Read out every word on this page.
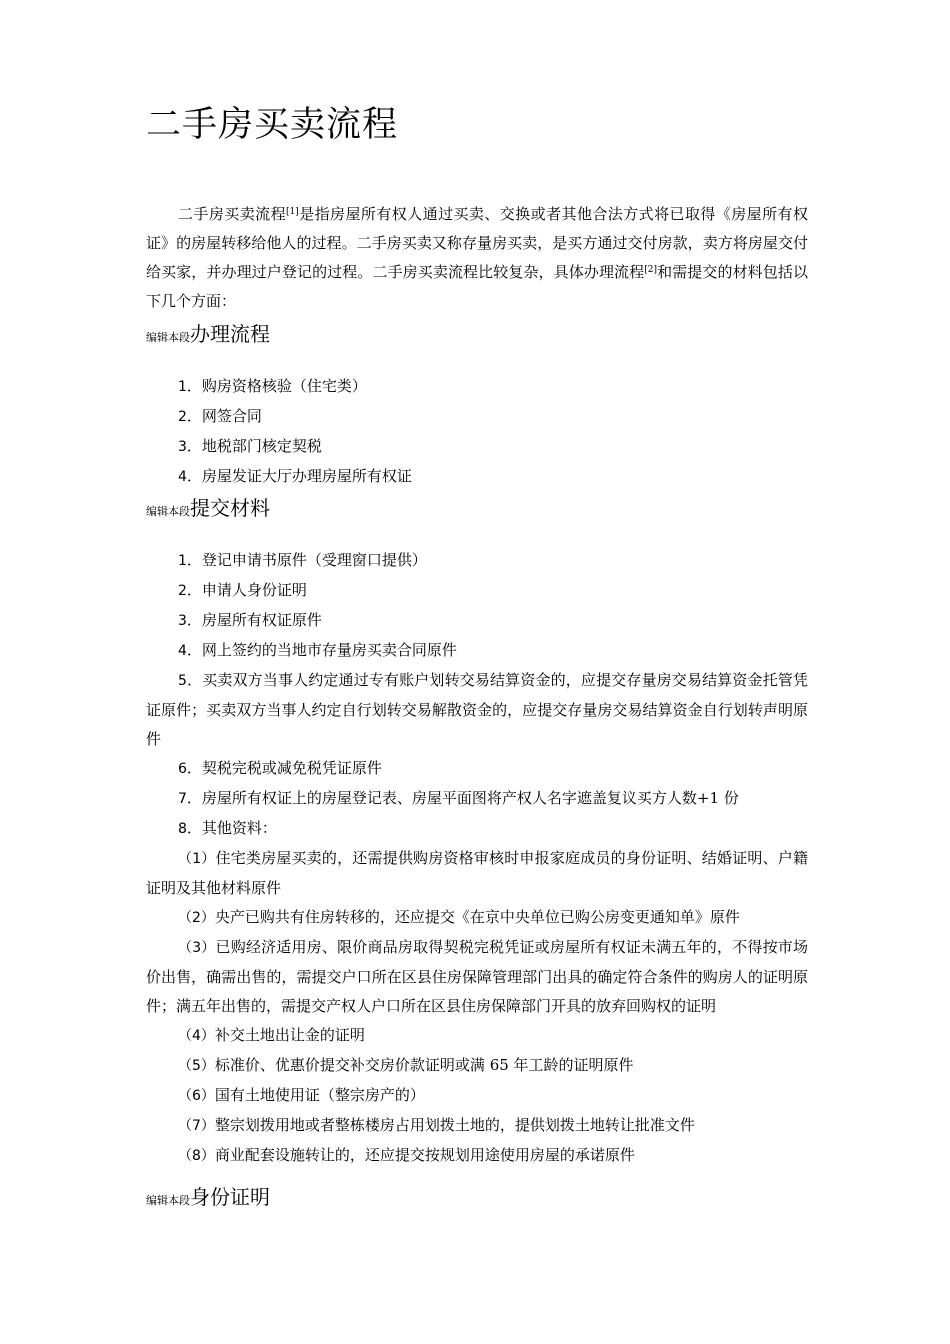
二手房买卖流程

二手房买卖流程[1]是指房屋所有权人通过买卖、交换或者其他合法方式将已取得《房屋所有权证》的房屋转移给他人的过程。二手房买卖又称存量房买卖，是买方通过交付房款，卖方将房屋交付给买家，并办理过户登记的过程。二手房买卖流程比较复杂，具体办理流程[2]和需提交的材料包括以下几个方面：

编辑本段办理流程
1．购房资格核验（住宅类）
2．网签合同
3．地税部门核定契税
4．房屋发证大厅办理房屋所有权证
编辑本段提交材料
1．登记申请书原件（受理窗口提供）
2．申请人身份证明
3．房屋所有权证原件
4．网上签约的当地市存量房买卖合同原件
5．买卖双方当事人约定通过专有账户划转交易结算资金的，应提交存量房交易结算资金托管凭证原件；买卖双方当事人约定自行划转交易解散资金的，应提交存量房交易结算资金自行划转声明原件
6．契税完税或减免税凭证原件
7．房屋所有权证上的房屋登记表、房屋平面图将产权人名字遮盖复议买方人数+1 份
8．其他资料：
（1）住宅类房屋买卖的，还需提供购房资格审核时申报家庭成员的身份证明、结婚证明、户籍证明及其他材料原件
（2）央产已购共有住房转移的，还应提交《在京中央单位已购公房变更通知单》原件
（3）已购经济适用房、限价商品房取得契税完税凭证或房屋所有权证未满五年的，不得按市场价出售，确需出售的，需提交户口所在区县住房保障管理部门出具的确定符合条件的购房人的证明原件；满五年出售的，需提交产权人户口所在区县住房保障部门开具的放弃回购权的证明
（4）补交土地出让金的证明
（5）标准价、优惠价提交补交房价款证明或满 65 年工龄的证明原件
（6）国有土地使用证（整宗房产的）
（7）整宗划拨用地或者整栋楼房占用划拨土地的，提供划拨土地转让批准文件
（8）商业配套设施转让的，还应提交按规划用途使用房屋的承诺原件
编辑本段身份证明
